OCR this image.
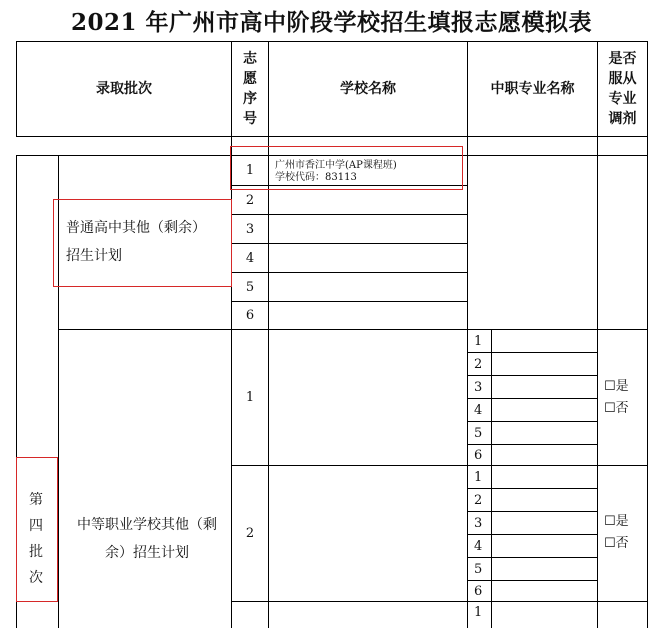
2021 年广州市高中阶段学校招生填报志愿模拟表
录取批次
志
愿
序
号
学校名称	中职专业名称
是否
服从
专业
调剂
普通高中其他（剩余）
招生计划
1
2
3
4
5
6
广州市香江中学(AP课程班)
学校代码：83113
第
四
批
次
中等职业学校其他（剩
余）招生计划
1
2
1
2
3
4
5
6
1
2
3
4
5
6
1
☐是
☐否
☐是
☐否
